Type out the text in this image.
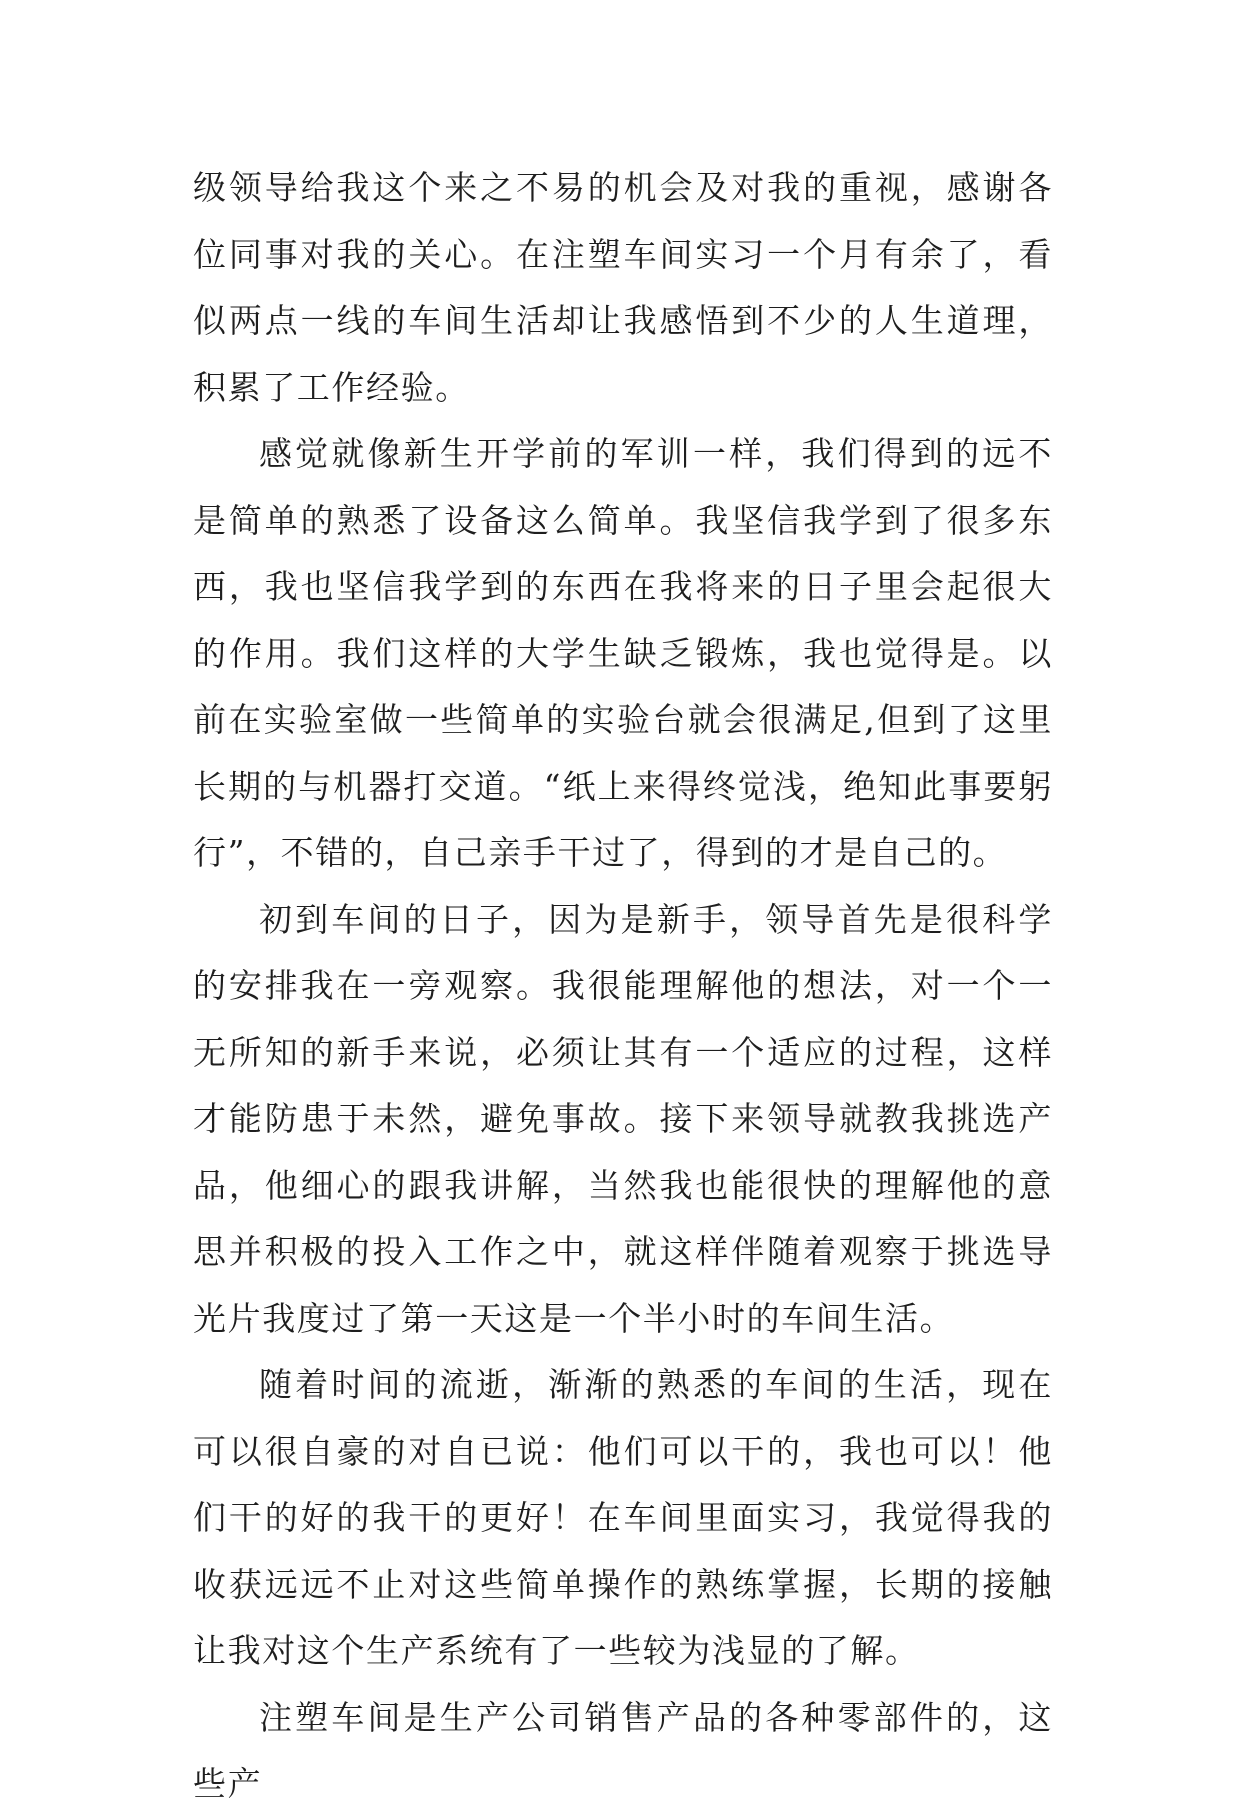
级领导给我这个来之不易的机会及对我的重视，感谢各位同事对我的关心。在注塑车间实习一个月有余了，看似两点一线的车间生活却让我感悟到不少的人生道理，积累了工作经验。

感觉就像新生开学前的军训一样，我们得到的远不是简单的熟悉了设备这么简单。我坚信我学到了很多东西，我也坚信我学到的东西在我将来的日子里会起很大的作用。我们这样的大学生缺乏锻炼，我也觉得是。以前在实验室做一些简单的实验台就会很满足,但到了这里长期的与机器打交道。“纸上来得终觉浅，绝知此事要躬行”，不错的，自己亲手干过了，得到的才是自己的。

初到车间的日子，因为是新手，领导首先是很科学的安排我在一旁观察。我很能理解他的想法，对一个一无所知的新手来说，必须让其有一个适应的过程，这样才能防患于未然，避免事故。接下来领导就教我挑选产品，他细心的跟我讲解，当然我也能很快的理解他的意思并积极的投入工作之中，就这样伴随着观察于挑选导光片我度过了第一天这是一个半小时的车间生活。

随着时间的流逝，渐渐的熟悉的车间的生活，现在可以很自豪的对自已说：他们可以干的，我也可以！他们干的好的我干的更好！在车间里面实习，我觉得我的收获远远不止对这些简单操作的熟练掌握，长期的接触让我对这个生产系统有了一些较为浅显的了解。

注塑车间是生产公司销售产品的各种零部件的，这些产
